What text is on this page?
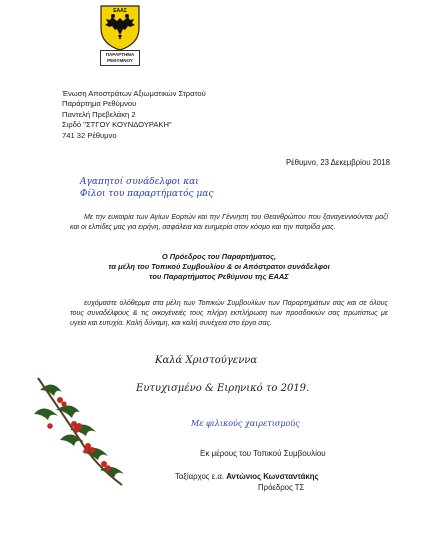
ΕΑΑΣ
ΠΑΡΑΡΤΗΜΑ
ΡΕΘΥΜΝΟΥ
Ένωση Αποστράτων Αξιωματικών Στρατού
Παράρτημα Ρεθύμνου
Παντελή Πρεβελάκη 2
Σιρδό "ΣΤΓΟΥ ΚΟΥΝΔΟΥΡΑΚΗ"
741 32 Ρέθυμνο
Ρέθυμνο, 23 Δεκεμβρίου 2018
Αγαπητοί συνάδελφοι και
Φίλοι του παραρτήματός μας
Με την ευκαιρία των Αγίων Εορτών και την Γέννηση του Θεανθρώπου που ξαναγεννιούνται μαζί και οι ελπίδες μας για ειρήνη, ασφάλεια και ευημερία στον κόσμο και την πατρίδα μας.
Ο Πρόεδρος του Παραρτήματος,
τα μέλη του Τοπικού Συμβουλίου & οι Απόστρατοι συνάδελφοι
του Παραρτήματος Ρεθύμνου της ΕΑΑΣ
ευχόμαστε ολόθερμα στα μέλη των Τοπικών Συμβουλίων των Παραρτημάτων σας και σε όλους τους συναδέλφους & τις οικογένειές τους πλήρη εκπλήρωση των προσδοκιών σας πρωτίστως με υγεία και ευτυχία. Καλή δύναμη, και καλή συνέχεια στο έργο σας.
Καλά Χριστούγεννα
Ευτυχισμένο & Ειρηνικό το 2019.
Με φιλικούς χαιρετισμούς
Εκ μέρους του Τοπικού Συμβουλίου
Ταξίαρχος ε.α. Αντώνιος Κωνσταντάκης
Πρόεδρος ΤΣ
